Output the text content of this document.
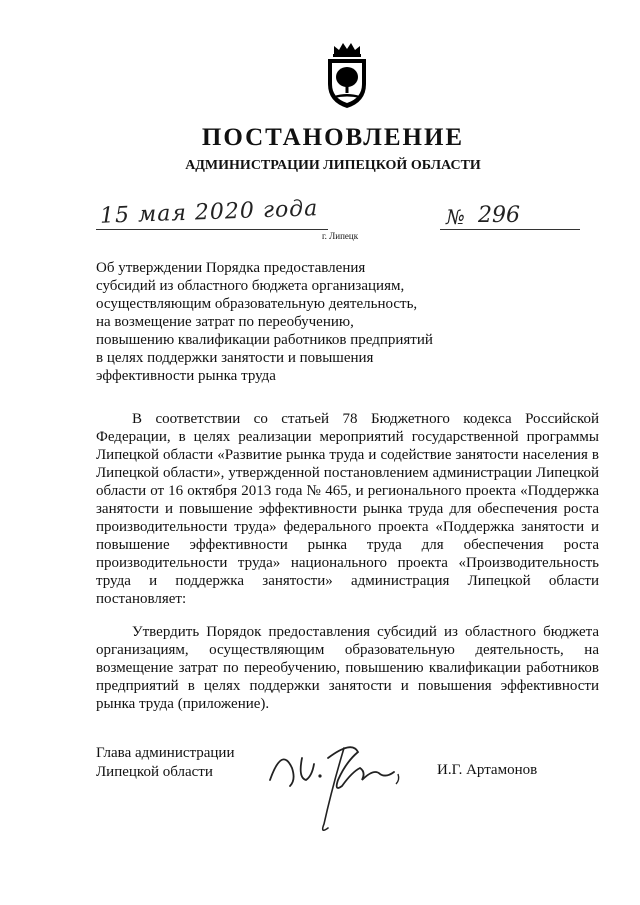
ПОСТАНОВЛЕНИЕ
АДМИНИСТРАЦИИ ЛИПЕЦКОЙ ОБЛАСТИ
15 мая 2020 года
г. Липецк
№ 296
Об утверждении Порядка предоставления
субсидий из областного бюджета организациям,
осуществляющим образовательную деятельность,
на возмещение затрат по переобучению,
повышению квалификации работников предприятий
в целях поддержки занятости и повышения
эффективности рынка труда
В соответствии со статьей 78 Бюджетного кодекса Российской Федерации, в целях реализации мероприятий государственной программы Липецкой области «Развитие рынка труда и содействие занятости населения в Липецкой области», утвержденной постановлением администрации Липецкой области от 16 октября 2013 года № 465, и регионального проекта «Поддержка занятости и повышение эффективности рынка труда для обеспечения роста производительности труда» федерального проекта «Поддержка занятости и повышение эффективности рынка труда для обеспечения роста производительности труда» национального проекта «Производительность труда и поддержка занятости» администрация Липецкой области постановляет:
Утвердить Порядок предоставления субсидий из областного бюджета организациям, осуществляющим образовательную деятельность, на возмещение затрат по переобучению, повышению квалификации работников предприятий в целях поддержки занятости и повышения эффективности рынка труда (приложение).
Глава администрации
Липецкой области	И.Г. Артамонов
